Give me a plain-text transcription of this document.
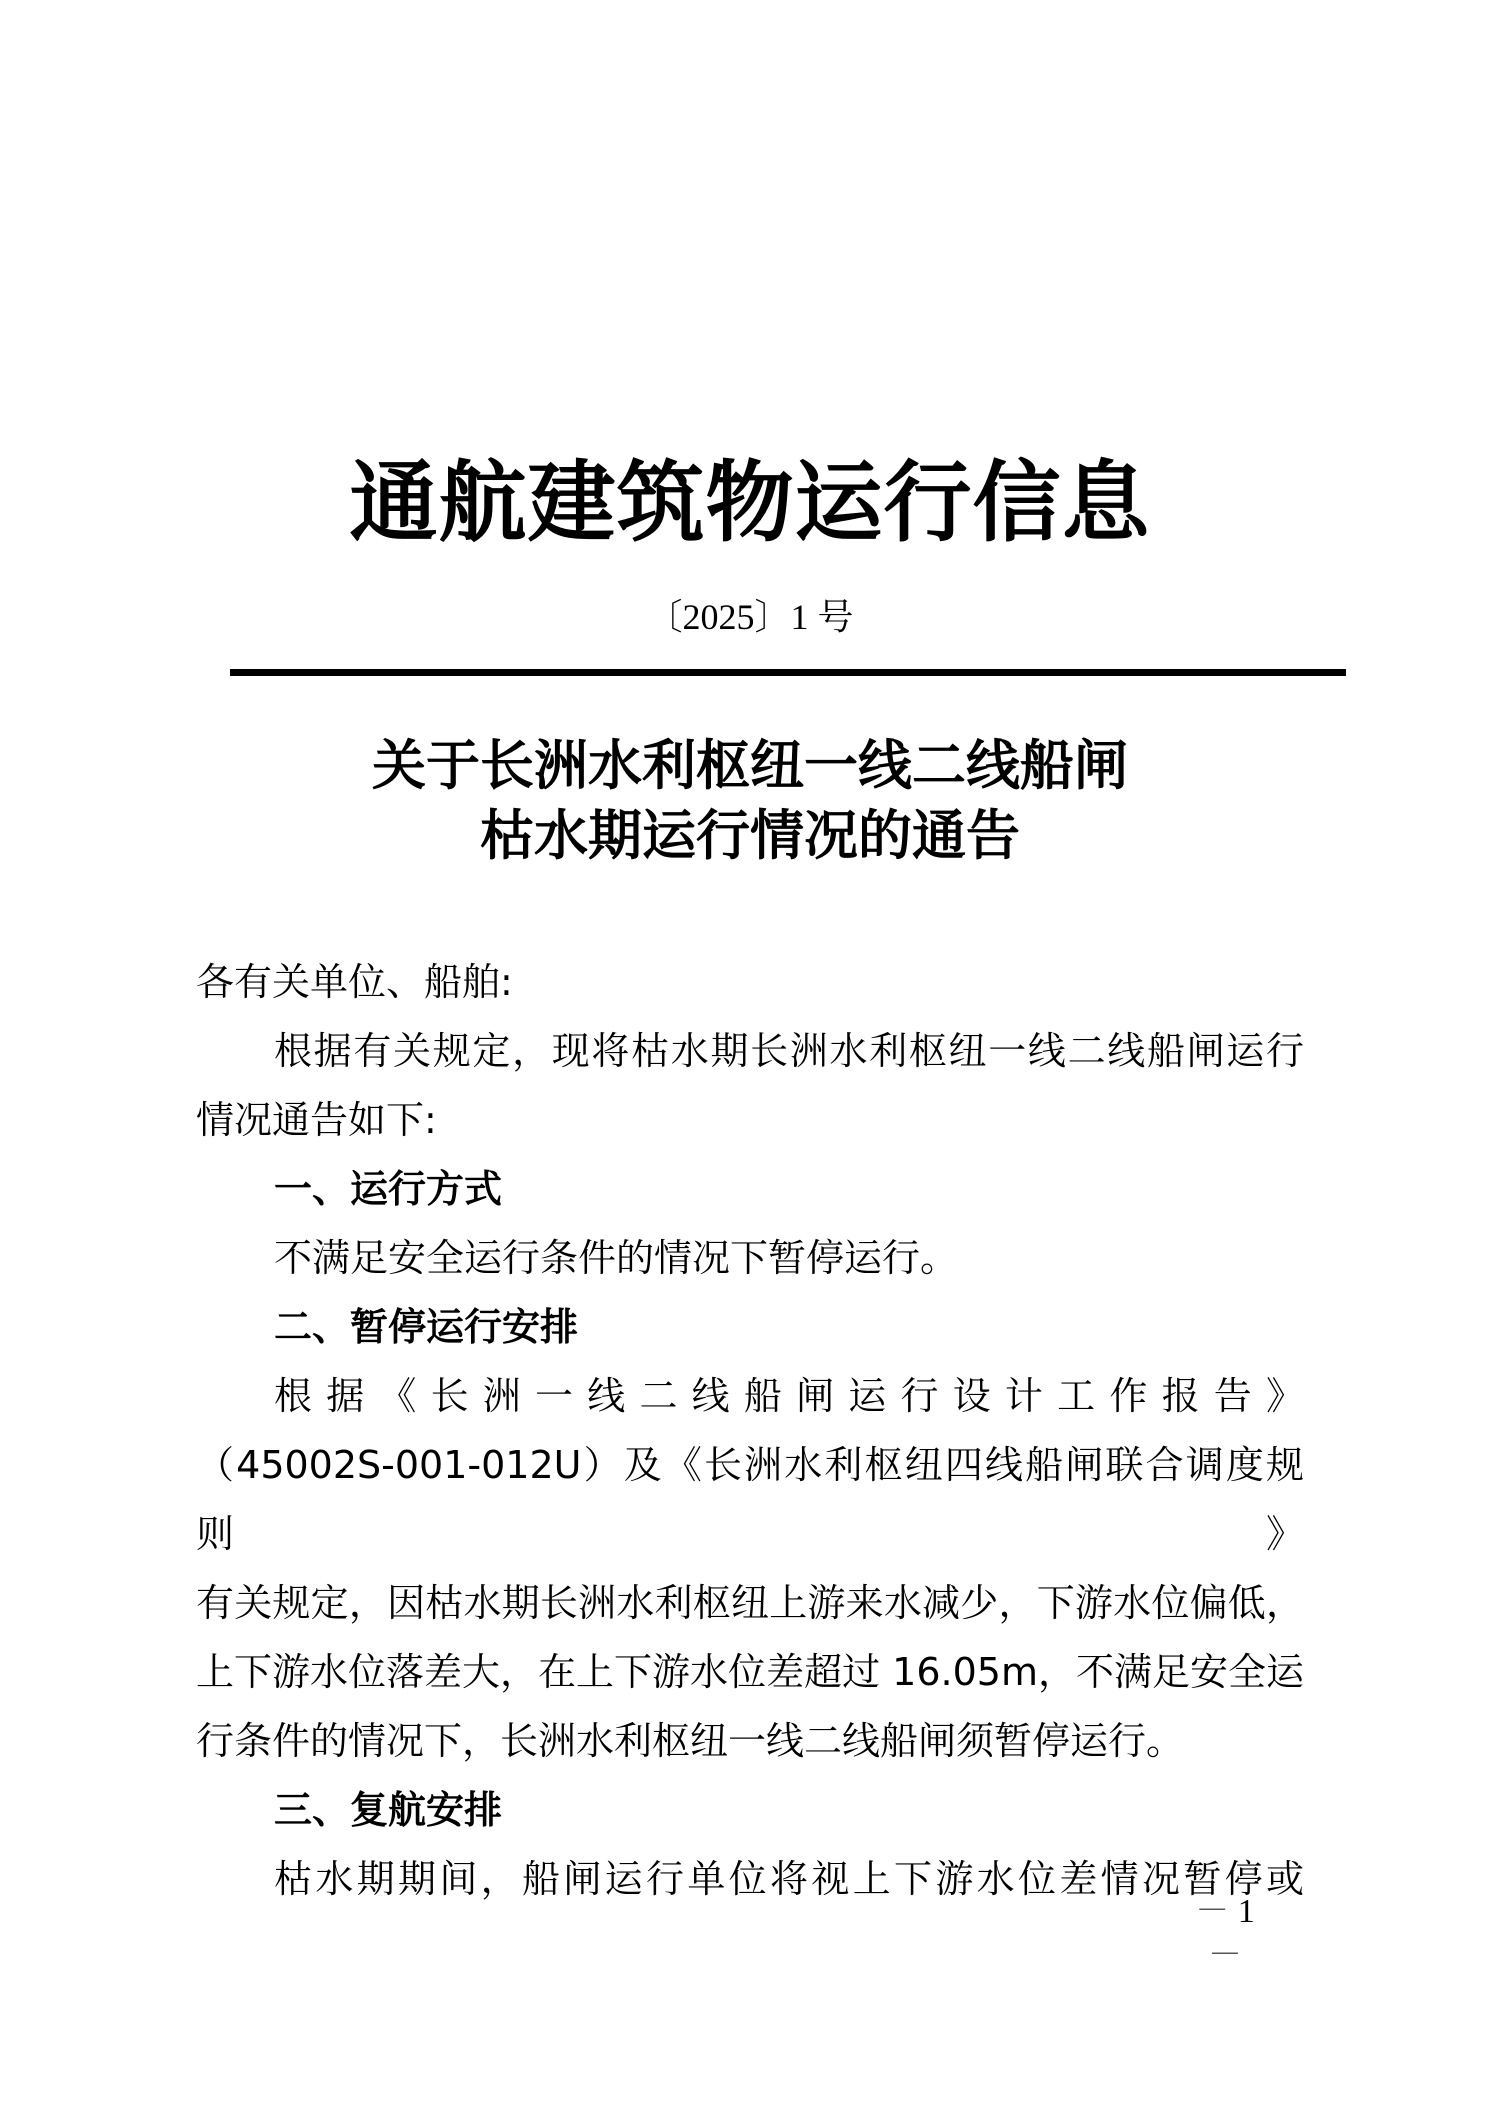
通航建筑物运行信息
〔2025〕1 号
关于长洲水利枢纽一线二线船闸
枯水期运行情况的通告
各有关单位、船舶:
根据有关规定，现将枯水期长洲水利枢纽一线二线船闸运行
情况通告如下:
一、运行方式
不满足安全运行条件的情况下暂停运行。
二、暂停运行安排
根据《长洲一线二线船闸运行设计工作报告》
（45002S-001-012U）及《长洲水利枢纽四线船闸联合调度规则》
有关规定，因枯水期长洲水利枢纽上游来水减少，下游水位偏低，
上下游水位落差大，在上下游水位差超过 16.05m，不满足安全运
行条件的情况下，长洲水利枢纽一线二线船闸须暂停运行。
三、复航安排
枯水期期间，船闸运行单位将视上下游水位差情况暂停或
－ 1 －
